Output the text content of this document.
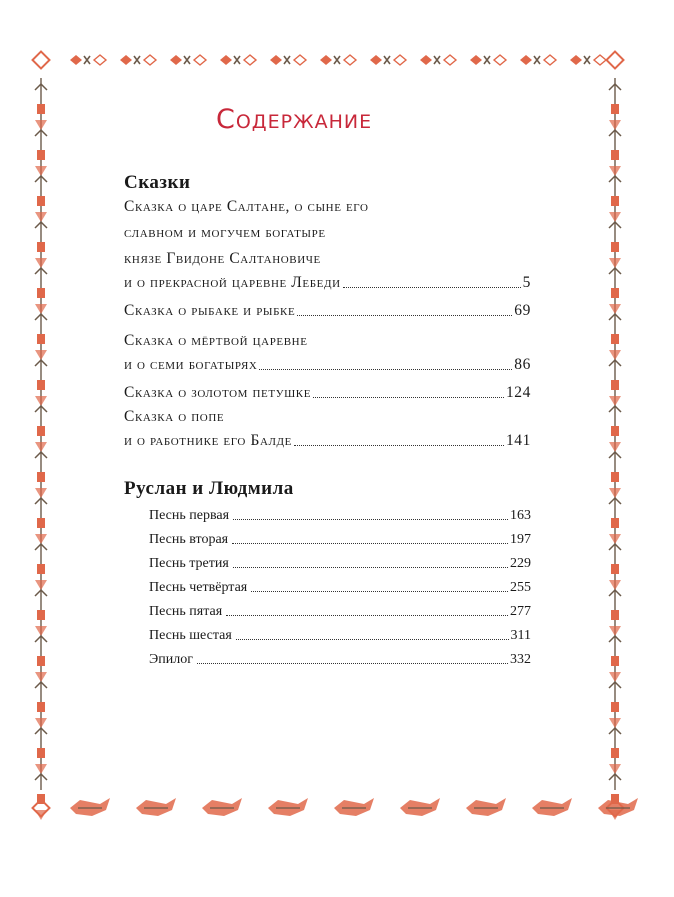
Содержание
Сказки
Сказка о царе Салтане, о сыне его
славном и могучем богатыре
князе Гвидоне Салтановиче
и о прекрасной царевне Лебеди	5
Сказка о рыбаке и рыбке	69
Сказка о мёртвой царевне
и о семи богатырях	86
Сказка о золотом петушке	124
Сказка о попе
и о работнике его Балде	141
Руслан и Людмила
Песнь первая	163
Песнь вторая	197
Песнь третия	229
Песнь четвёртая	255
Песнь пятая	277
Песнь шестая	311
Эпилог	332
